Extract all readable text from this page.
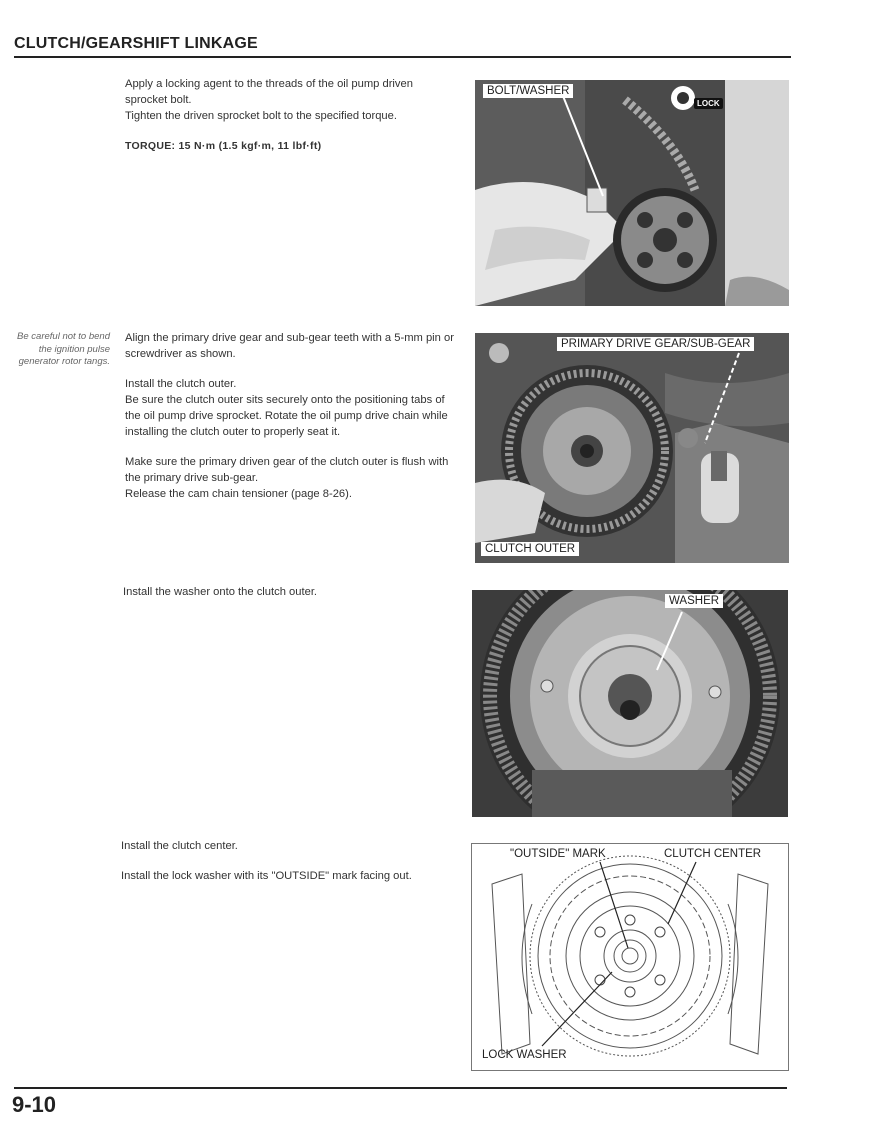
CLUTCH/GEARSHIFT LINKAGE

Apply a locking agent to the threads of the oil pump driven sprocket bolt.

Tighten the driven sprocket bolt to the specified torque.

TORQUE: 15 N·m (1.5 kgf·m, 11 lbf·ft)

Be careful not to bend the ignition pulse generator rotor tangs.

Align the primary drive gear and sub-gear teeth with a 5-mm pin or screwdriver as shown.

Install the clutch outer.
Be sure the clutch outer sits securely onto the positioning tabs of the oil pump drive sprocket. Rotate the oil pump drive chain while installing the clutch outer to properly seat it.

Make sure the primary driven gear of the clutch outer is flush with the primary drive sub-gear.
Release the cam chain tensioner (page 8-26).

Install the washer onto the clutch outer.

Install the clutch center.

Install the lock washer with its "OUTSIDE" mark facing out.

BOLT/WASHER
LOCK
PRIMARY DRIVE GEAR/SUB-GEAR
CLUTCH OUTER
WASHER
"OUTSIDE" MARK	CLUTCH CENTER
LOCK WASHER
9-10
